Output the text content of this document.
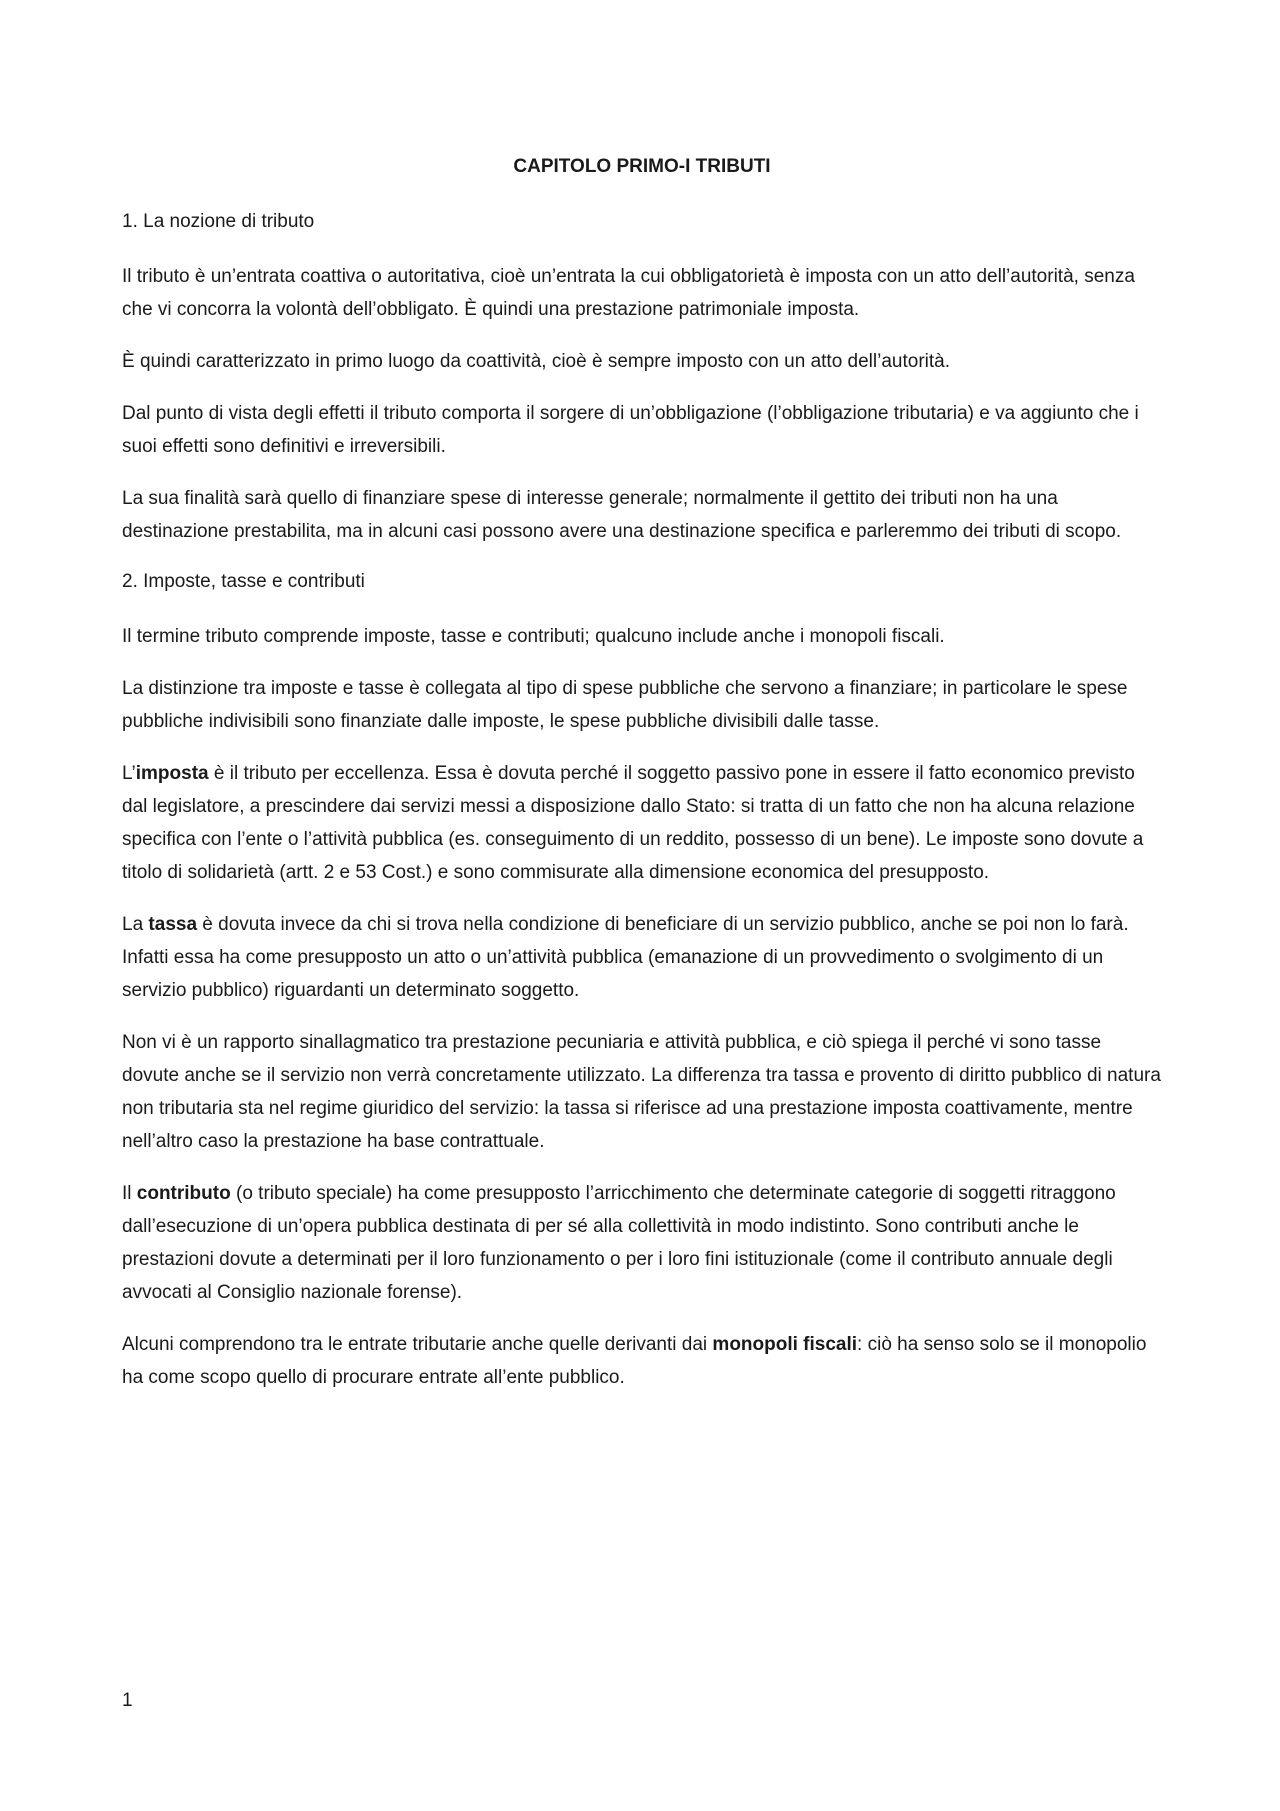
CAPITOLO PRIMO-I TRIBUTI
1. La nozione di tributo

Il tributo è un’entrata coattiva o autoritativa, cioè un’entrata la cui obbligatorietà è imposta con un atto dell’autorità, senza che vi concorra la volontà dell’obbligato. È quindi una prestazione patrimoniale imposta.

È quindi caratterizzato in primo luogo da coattività, cioè è sempre imposto con un atto dell’autorità.

Dal punto di vista degli effetti il tributo comporta il sorgere di un’obbligazione (l’obbligazione tributaria) e va aggiunto che i suoi effetti sono definitivi e irreversibili.

La sua finalità sarà quello di finanziare spese di interesse generale; normalmente il gettito dei tributi non ha una destinazione prestabilita, ma in alcuni casi possono avere una destinazione specifica e parleremmo dei tributi di scopo.

2. Imposte, tasse e contributi

Il termine tributo comprende imposte, tasse e contributi; qualcuno include anche i monopoli fiscali.

La distinzione tra imposte e tasse è collegata al tipo di spese pubbliche che servono a finanziare; in particolare le spese pubbliche indivisibili sono finanziate dalle imposte, le spese pubbliche divisibili dalle tasse.

L’imposta è il tributo per eccellenza. Essa è dovuta perché il soggetto passivo pone in essere il fatto economico previsto dal legislatore, a prescindere dai servizi messi a disposizione dallo Stato: si tratta di un fatto che non ha alcuna relazione specifica con l’ente o l’attività pubblica (es. conseguimento di un reddito, possesso di un bene). Le imposte sono dovute a titolo di solidarietà (artt. 2 e 53 Cost.) e sono commisurate alla dimensione economica del presupposto.

La tassa è dovuta invece da chi si trova nella condizione di beneficiare di un servizio pubblico, anche se poi non lo farà. Infatti essa ha come presupposto un atto o un’attività pubblica (emanazione di un provvedimento o svolgimento di un servizio pubblico) riguardanti un determinato soggetto.

Non vi è un rapporto sinallagmatico tra prestazione pecuniaria e attività pubblica, e ciò spiega il perché vi sono tasse dovute anche se il servizio non verrà concretamente utilizzato. La differenza tra tassa e provento di diritto pubblico di natura non tributaria sta nel regime giuridico del servizio: la tassa si riferisce ad una prestazione imposta coattivamente, mentre nell’altro caso la prestazione ha base contrattuale.

Il contributo (o tributo speciale) ha come presupposto l’arricchimento che determinate categorie di soggetti ritraggono dall’esecuzione di un’opera pubblica destinata di per sé alla collettività in modo indistinto. Sono contributi anche le prestazioni dovute a determinati per il loro funzionamento o per i loro fini istituzionale (come il contributo annuale degli avvocati al Consiglio nazionale forense).

Alcuni comprendono tra le entrate tributarie anche quelle derivanti dai monopoli fiscali: ciò ha senso solo se il monopolio ha come scopo quello di procurare entrate all’ente pubblico.

1
